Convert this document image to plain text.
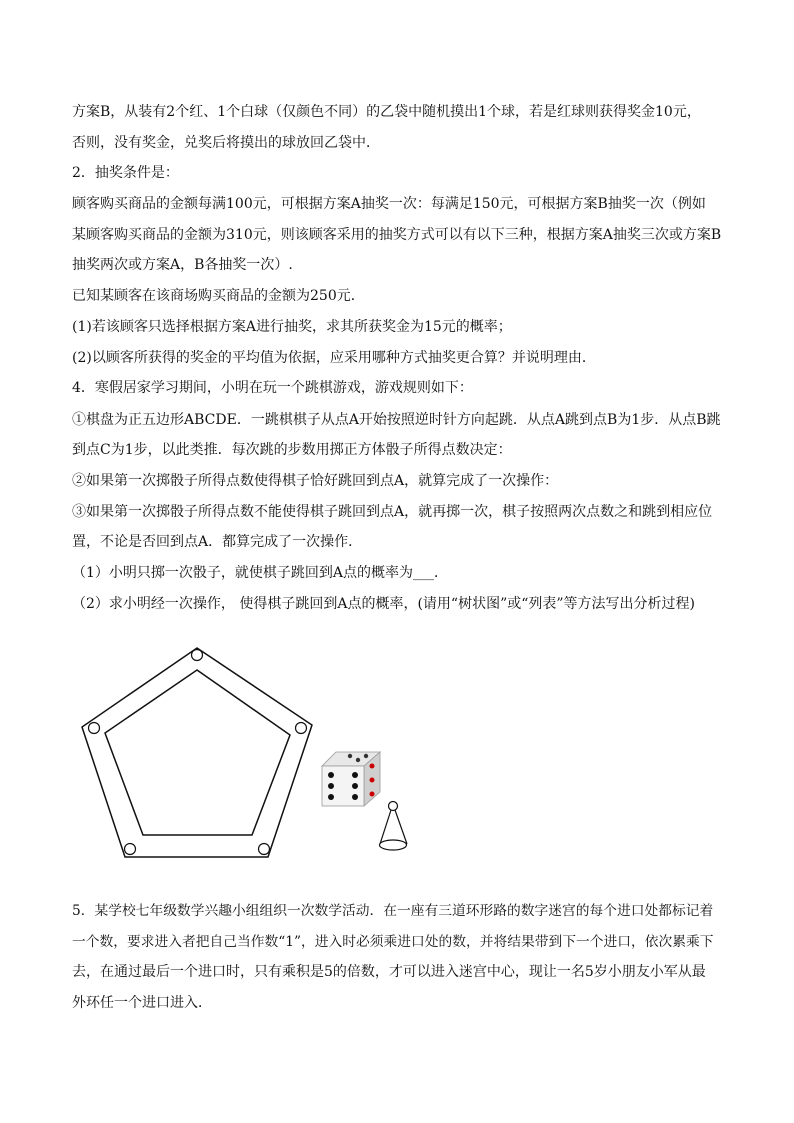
方案B，从装有2个红、1个白球（仅颜色不同）的乙袋中随机摸出1个球，若是红球则获得奖金10元，
否则，没有奖金，兑奖后将摸出的球放回乙袋中．
2．抽奖条件是：
顾客购买商品的金额每满100元，可根据方案A抽奖一次：每满足150元，可根据方案B抽奖一次（例如
某顾客购买商品的金额为310元，则该顾客采用的抽奖方式可以有以下三种，根据方案A抽奖三次或方案B
抽奖两次或方案A，B各抽奖一次）.
已知某顾客在该商场购买商品的金额为250元．
(1)若该顾客只选择根据方案A进行抽奖，求其所获奖金为15元的概率；
(2)以顾客所获得的奖金的平均值为依据，应采用哪种方式抽奖更合算？并说明理由．
4．寒假居家学习期间，小明在玩一个跳棋游戏，游戏规则如下：
①棋盘为正五边形ABCDE．一跳棋棋子从点A开始按照逆时针方向起跳．从点A跳到点B为1步．从点B跳
到点C为1步，以此类推．每次跳的步数用掷正方体骰子所得点数决定：
②如果第一次掷骰子所得点数使得棋子恰好跳回到点A，就算完成了一次操作：
③如果第一次掷骰子所得点数不能使得棋子跳回到点A，就再掷一次，棋子按照两次点数之和跳到相应位
置，不论是否回到点A．都算完成了一次操作．
（1）小明只掷一次骰子，就使棋子跳回到A点的概率为___．
（2）求小明经一次操作， 使得棋子跳回到A点的概率，(请用“树状图”或“列表”等方法写出分析过程)
5．某学校七年级数学兴趣小组组织一次数学活动．在一座有三道环形路的数字迷宫的每个进口处都标记着
一个数，要求进入者把自己当作数“1”，进入时必须乘进口处的数，并将结果带到下一个进口，依次累乘下
去，在通过最后一个进口时，只有乘积是5的倍数，才可以进入迷宫中心，现让一名5岁小朋友小军从最
外环任一个进口进入．
